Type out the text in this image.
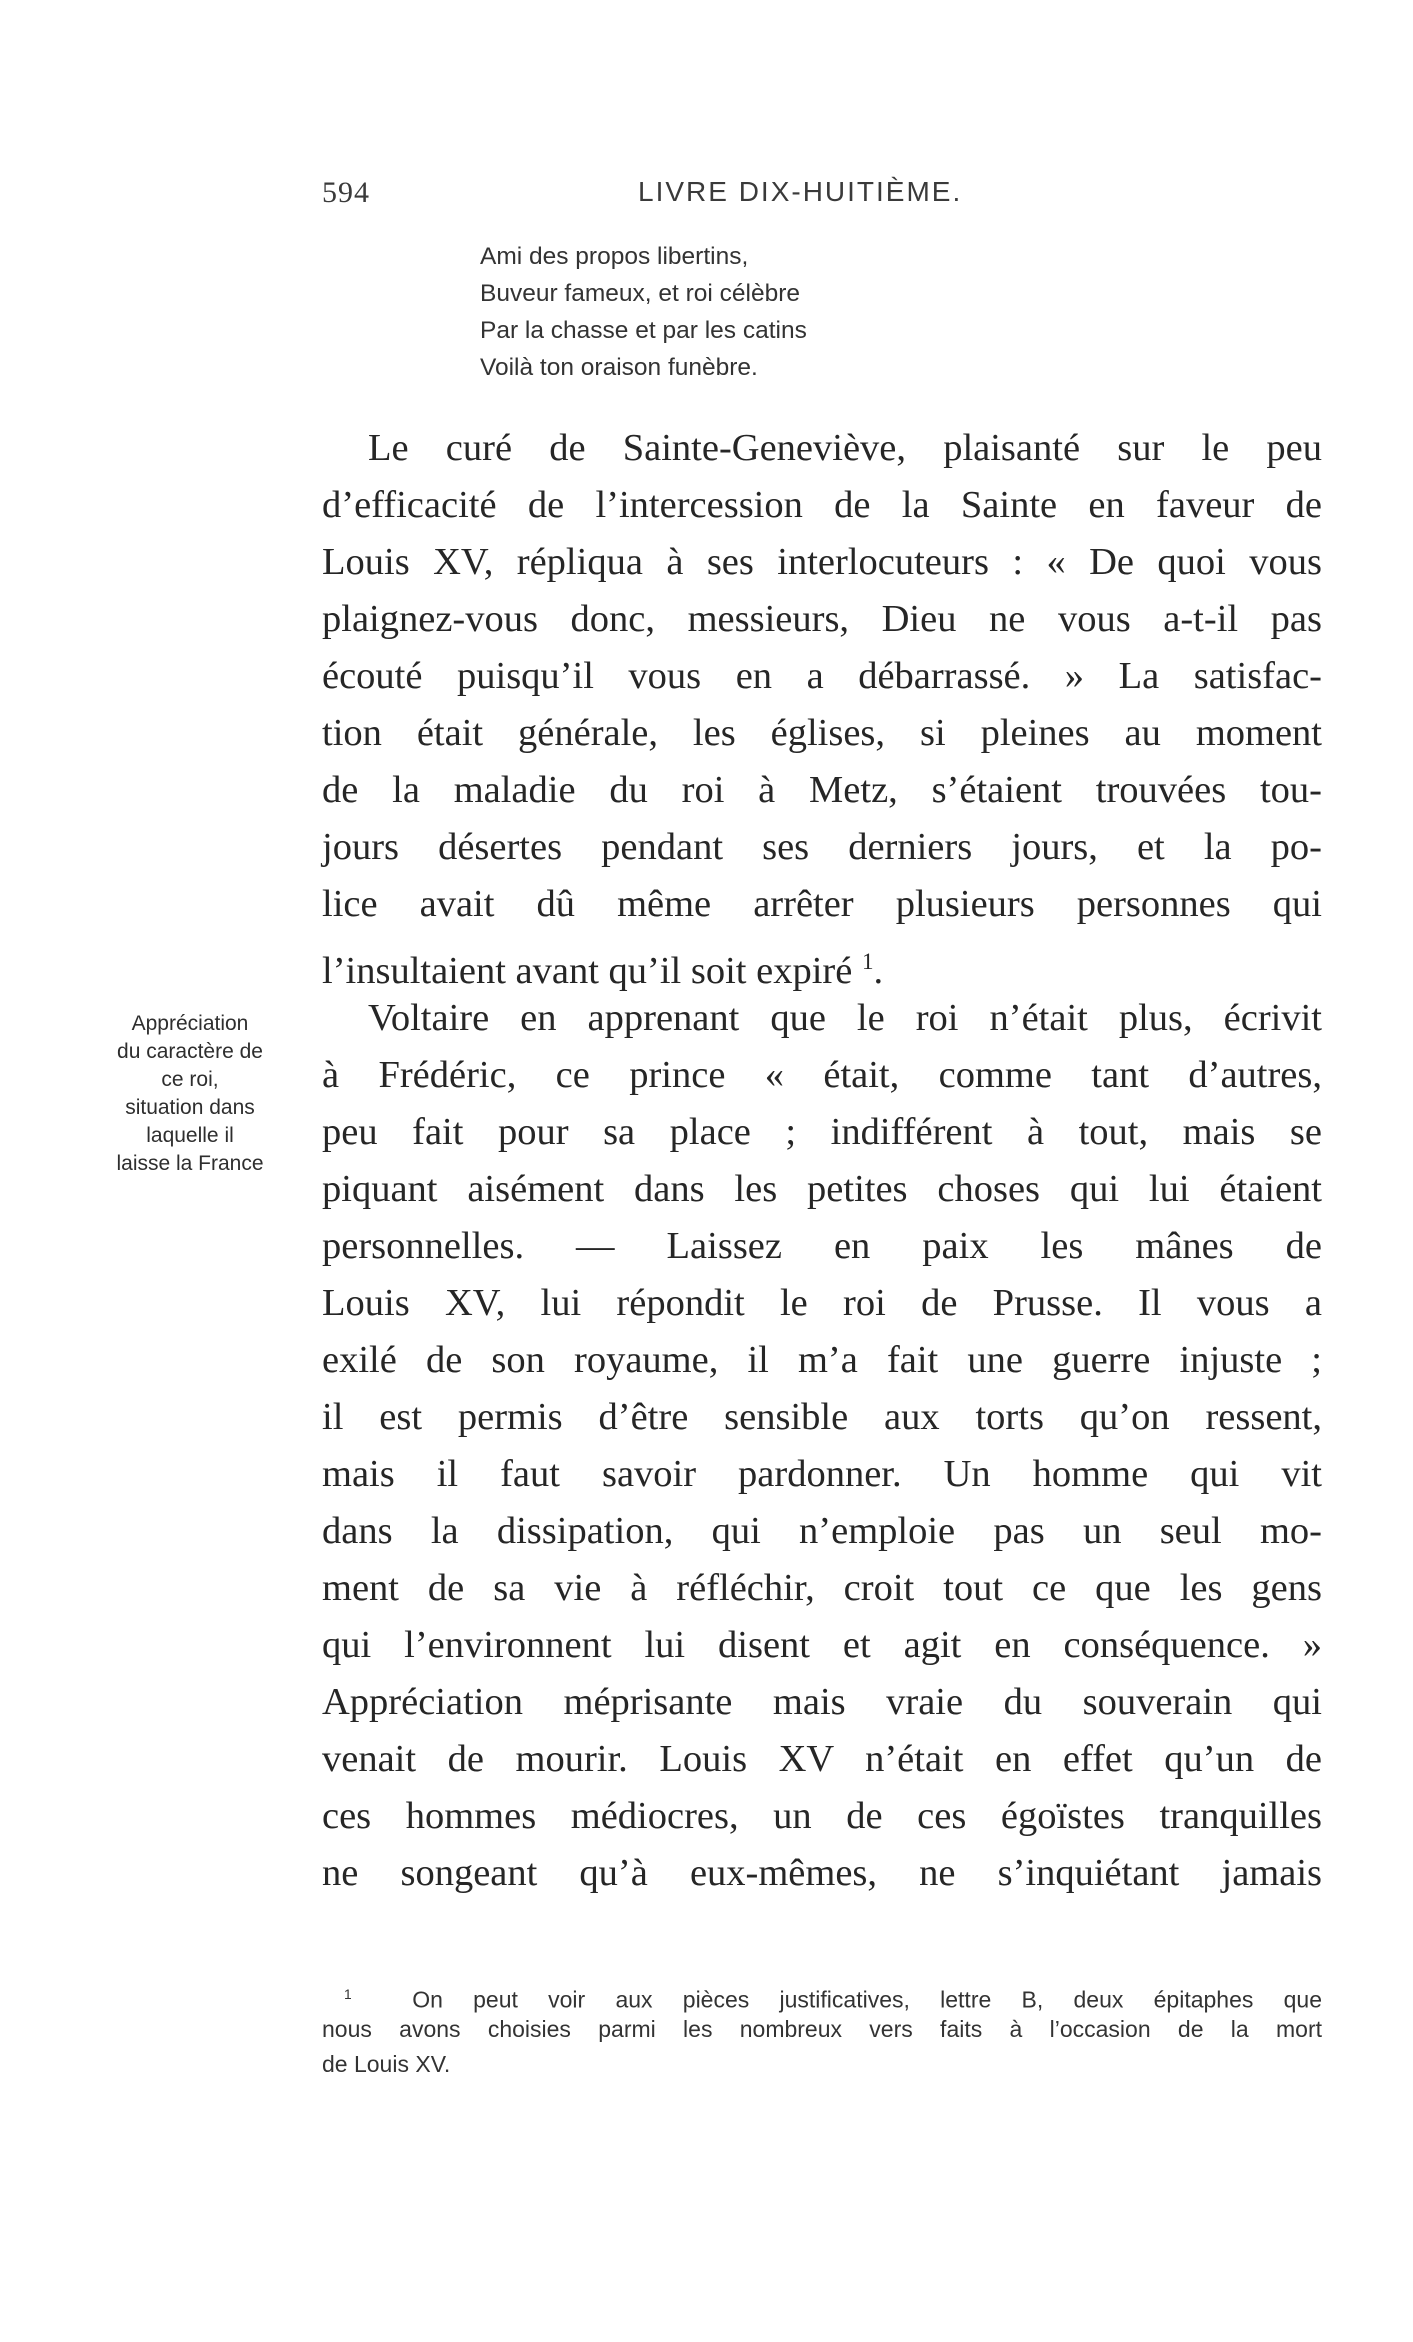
594	LIVRE DIX-HUITIÈME.
Ami des propos libertins,
Buveur fameux, et roi célèbre
Par la chasse et par les catins
Voilà ton oraison funèbre.
Appréciation
du caractère de
ce roi,
situation dans
laquelle il
laisse la France
Le curé de Sainte-Geneviève, plaisanté sur le peu
d’efficacité de l’intercession de la Sainte en faveur de
Louis XV, répliqua à ses interlocuteurs : « De quoi vous
plaignez-vous donc, messieurs, Dieu ne vous a-t-il pas
écouté puisqu’il vous en a débarrassé. » La satisfac-
tion était générale, les églises, si pleines au moment
de la maladie du roi à Metz, s’étaient trouvées tou-
jours désertes pendant ses derniers jours, et la po-
lice avait dû même arrêter plusieurs personnes qui
l’insultaient avant qu’il soit expiré $^1$.
Voltaire en apprenant que le roi n’était plus, écrivit
à Frédéric, ce prince « était, comme tant d’autres,
peu fait pour sa place ; indifférent à tout, mais se
piquant aisément dans les petites choses qui lui étaient
personnelles. — Laissez en paix les mânes de
Louis XV, lui répondit le roi de Prusse. Il vous a
exilé de son royaume, il m’a fait une guerre injuste ;
il est permis d’être sensible aux torts qu’on ressent,
mais il faut savoir pardonner. Un homme qui vit
dans la dissipation, qui n’emploie pas un seul mo-
ment de sa vie à réfléchir, croit tout ce que les gens
qui l’environnent lui disent et agit en conséquence. »
Appréciation méprisante mais vraie du souverain qui
venait de mourir. Louis XV n’était en effet qu’un de
ces hommes médiocres, un de ces égoïstes tranquilles
ne songeant qu’à eux-mêmes, ne s’inquiétant jamais
$^1$	On peut voir aux pièces justificatives, lettre B, deux épitaphes que
nous avons choisies parmi les nombreux vers faits à l’occasion de la mort
de Louis XV.
